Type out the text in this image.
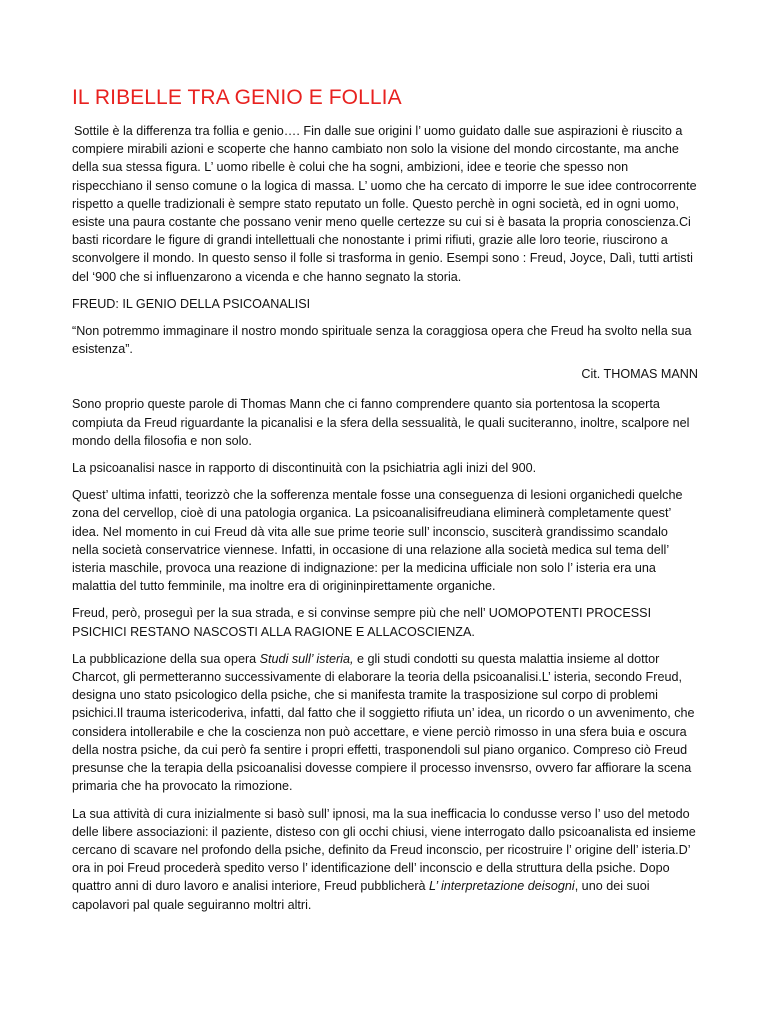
IL RIBELLE TRA GENIO E FOLLIA

Sottile è la differenza tra follia e genio…. Fin dalle sue origini l’ uomo guidato dalle sue aspirazioni è riuscito a compiere mirabili azioni e scoperte che hanno cambiato non solo la visione del mondo circostante, ma anche della sua stessa figura. L’ uomo ribelle è colui che ha sogni, ambizioni, idee e teorie che spesso non rispecchiano il senso comune o la logica di massa. L’ uomo che ha cercato di imporre le sue idee controcorrente rispetto a quelle tradizionali è sempre stato reputato un folle. Questo perchè in ogni società, ed in ogni uomo, esiste una paura costante che possano venir meno quelle certezze su cui si è basata la propria conoscienza.Ci basti ricordare le figure di grandi intellettuali che nonostante i primi rifiuti, grazie alle loro teorie, riuscirono a sconvolgere il mondo. In questo senso il folle si trasforma in genio. Esempi sono : Freud, Joyce, Dalì, tutti artisti del ‘900 che si influenzarono a vicenda e che hanno segnato la storia.

FREUD: IL GENIO DELLA PSICOANALISI

“Non potremmo immaginare il nostro mondo spirituale senza la coraggiosa opera che Freud ha svolto nella sua esistenza”.

Cit. THOMAS MANN

Sono proprio queste parole di Thomas Mann che ci fanno comprendere quanto sia portentosa la scoperta compiuta da Freud riguardante la picanalisi e la sfera della sessualità, le quali suciteranno, inoltre, scalpore nel mondo della filosofia e non solo.

La psicoanalisi nasce in rapporto di discontinuità con la psichiatria agli inizi del 900.

Quest’ ultima infatti, teorizzò che la sofferenza mentale fosse una conseguenza di lesioni organichedi quelche zona del cervellop, cioè di una patologia organica. La psicoanalisifreudiana eliminerà completamente quest’ idea. Nel momento in cui Freud dà vita alle sue prime teorie sull’ inconscio, susciterà grandissimo scandalo nella società conservatrice viennese. Infatti, in occasione di una relazione alla società medica sul tema dell’ isteria maschile, provoca una reazione di indignazione: per la medicina ufficiale non solo l’ isteria era una malattia del tutto femminile, ma inoltre era di origininpirettamente organiche.

Freud, però, proseguì per la sua strada, e si convinse sempre più che nell’ UOMOPOTENTI PROCESSI PSICHICI RESTANO NASCOSTI ALLA RAGIONE E ALLACOSCIENZA.

La pubblicazione della sua opera Studi sull’ isteria, e gli studi condotti su questa malattia insieme al dottor Charcot, gli permetteranno successivamente di elaborare la teoria della psicoanalisi.L’ isteria, secondo Freud, designa uno stato psicologico della psiche, che si manifesta tramite la trasposizione sul corpo di problemi psichici.Il trauma istericoderiva, infatti, dal fatto che il soggietto rifiuta un’ idea, un ricordo o un avvenimento, che considera intollerabile e che la coscienza non può accettare, e viene perciò rimosso in una sfera buia e oscura della nostra psiche, da cui però fa sentire i propri effetti, trasponendoli sul piano organico. Compreso ciò Freud presunse che la terapia della psicoanalisi dovesse compiere il processo invensrso, ovvero far affiorare la scena primaria che ha provocato la rimozione.

La sua attività di cura inizialmente si basò sull’ ipnosi, ma la sua inefficacia lo condusse verso l’ uso del metodo delle libere associazioni: il paziente, disteso con gli occhi chiusi, viene interrogato dallo psicoanalista ed insieme cercano di scavare nel profondo della psiche, definito da Freud inconscio, per ricostruire l’ origine dell’ isteria.D’ ora in poi Freud procederà spedito verso l’ identificazione dell’ inconscio e della struttura della psiche. Dopo quattro anni di duro lavoro e analisi interiore, Freud pubblicherà L’ interpretazione deisogni, uno dei suoi capolavori pal quale seguiranno moltri altri.
